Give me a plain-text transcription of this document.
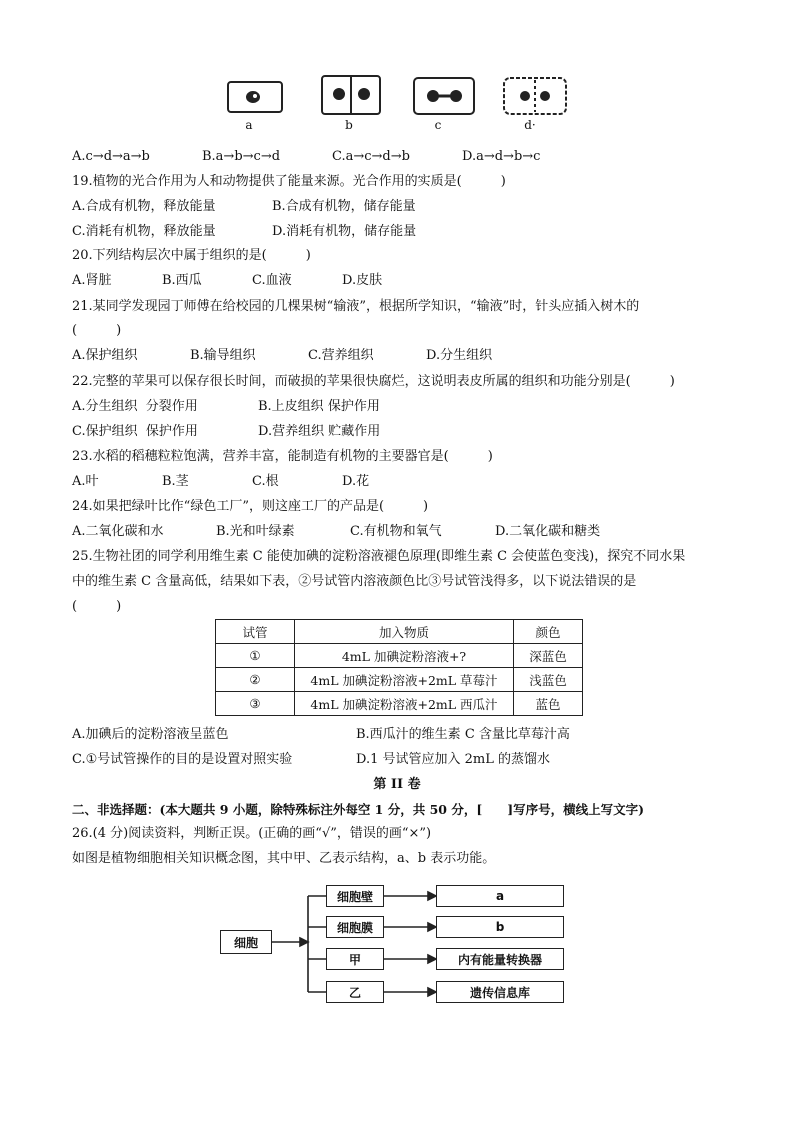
a	b	c	d·
A.c→d→a→b	B.a→b→c→d	C.a→c→d→b	D.a→d→b→c
19.植物的光合作用为人和动物提供了能量来源。光合作用的实质是(　　　)
A.合成有机物，释放能量	B.合成有机物，储存能量
C.消耗有机物，释放能量	D.消耗有机物，储存能量
20.下列结构层次中属于组织的是(　　　)
A.肾脏	B.西瓜	C.血液	D.皮肤
21.某同学发现园丁师傅在给校园的几棵果树“输液”，根据所学知识，“输液”时，针头应插入树木的
(　　　)
A.保护组织	B.输导组织	C.营养组织	D.分生组织
22.完整的苹果可以保存很长时间，而破损的苹果很快腐烂，这说明表皮所属的组织和功能分别是(　　　)
A.分生组织 ​ 分裂作用	B.上皮组织 保护作用
C.保护组织 ​ 保护作用	D.营养组织 贮藏作用
23.水稻的稻穗粒粒饱满，营养丰富，能制造有机物的主要器官是(　　　)
A.叶	B.茎	C.根	D.花
24.如果把绿叶比作“绿色工厂”，则这座工厂的产品是(　　　)
A.二氧化碳和水	B.光和叶绿素	C.有机物和氧气	D.二氧化碳和糖类
25.生物社团的同学利用维生素 C 能使加碘的淀粉溶液褪色原理(即维生素 C 会使蓝色变浅)，探究不同水果
中的维生素 C 含量高低，结果如下表，②号试管内溶液颜色比③号试管浅得多，以下说法错误的是
(　　　)
试管	加入物质	颜色
①	4mL 加碘淀粉溶液+?	深蓝色
②	4mL 加碘淀粉溶液+2mL 草莓汁	浅蓝色
③	4mL 加碘淀粉溶液+2mL 西瓜汁	蓝色
A.加碘后的淀粉溶液呈蓝色	B.西瓜汁的维生素 C 含量比草莓汁高
C.①号试管操作的目的是设置对照实验	D.1 号试管应加入 2mL 的蒸馏水
第 II 卷
二、非选择题：(本大题共 9 小题，除特殊标注外每空 1 分，共 50 分，[　　]写序号，横线上写文字)
26.(4 分)阅读资料，判断正误。(正确的画“√”，错误的画“×”)
如图是植物细胞相关知识概念图，其中甲、乙表示结构，a、b 表示功能。
细胞
细胞壁
细胞膜
甲
乙
a
b
内有能量转换器
遗传信息库
